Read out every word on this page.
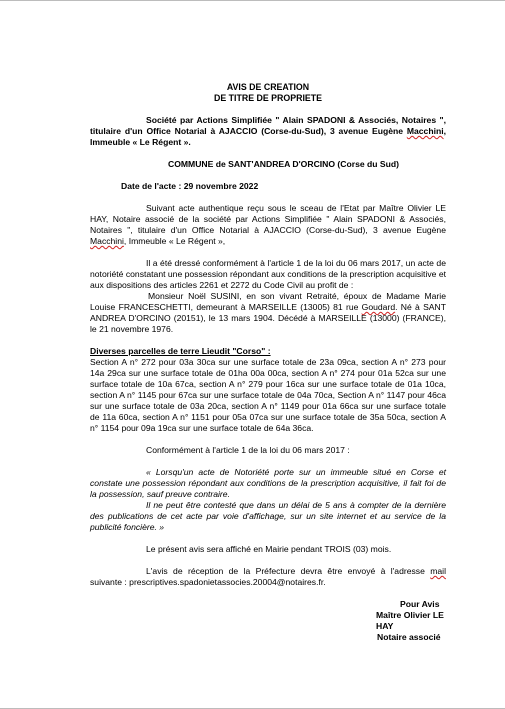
AVIS DE CREATION
DE TITRE DE PROPRIETE

Société par Actions Simplifiée " Alain SPADONI & Associés, Notaires ", titulaire d'un Office Notarial à AJACCIO (Corse-du-Sud), 3 avenue Eugène Macchini, Immeuble « Le Régent ».

COMMUNE de SANT'ANDREA D'ORCINO (Corse du Sud)

Date de l'acte : 29 novembre 2022

Suivant acte authentique reçu sous le sceau de l'Etat par Maître Olivier LE HAY, Notaire associé de la société par Actions Simplifiée " Alain SPADONI & Associés, Notaires ", titulaire d'un Office Notarial à AJACCIO (Corse-du-Sud), 3 avenue Eugène Macchini, Immeuble « Le Régent »,

Il a été dressé conformément à l'article 1 de la loi du 06 mars 2017, un acte de notoriété constatant une possession répondant aux conditions de la prescription acquisitive et aux dispositions des articles 2261 et 2272 du Code Civil au profit de :

Monsieur Noël SUSINI, en son vivant Retraité, époux de Madame Marie Louise FRANCESCHETTI, demeurant à MARSEILLE (13005) 81 rue Goudard. Né à SANT ANDREA D'ORCINO (20151), le 13 mars 1904. Décédé à MARSEILLE (13000) (FRANCE), le 21 novembre 1976.

Diverses parcelles de terre Lieudit "Corso" :

Section A n° 272 pour 03a 30ca sur une surface totale de 23a 09ca, section A n° 273 pour 14a 29ca sur une surface totale de 01ha 00a 00ca, section A n° 274 pour 01a 52ca sur une surface totale de 10a 67ca, section A n° 279 pour 16ca sur une surface totale de 01a 10ca, section A n° 1145 pour 67ca sur une surface totale de 04a 70ca, Section A n° 1147 pour 46ca sur une surface totale de 03a 20ca, section A n° 1149 pour 01a 66ca sur une surface totale de 11a 60ca, section A n° 1151 pour 05a 07ca sur une surface totale de 35a 50ca, section A n° 1154 pour 09a 19ca sur une surface totale de 64a 36ca.

Conformément à l'article 1 de la loi du 06 mars 2017 :

« Lorsqu'un acte de Notoriété porte sur un immeuble situé en Corse et constate une possession répondant aux conditions de la prescription acquisitive, il fait foi de la possession, sauf preuve contraire.

Il ne peut être contesté que dans un délai de 5 ans à compter de la dernière des publications de cet acte par voie d'affichage, sur un site internet et au service de la publicité foncière. »

Le présent avis sera affiché en Mairie pendant TROIS (03) mois.

L'avis de réception de la Préfecture devra être envoyé à l'adresse mail suivante : prescriptives.spadonietassocies.20004@notaires.fr.

Pour Avis
Maître Olivier LE HAY
Notaire associé
